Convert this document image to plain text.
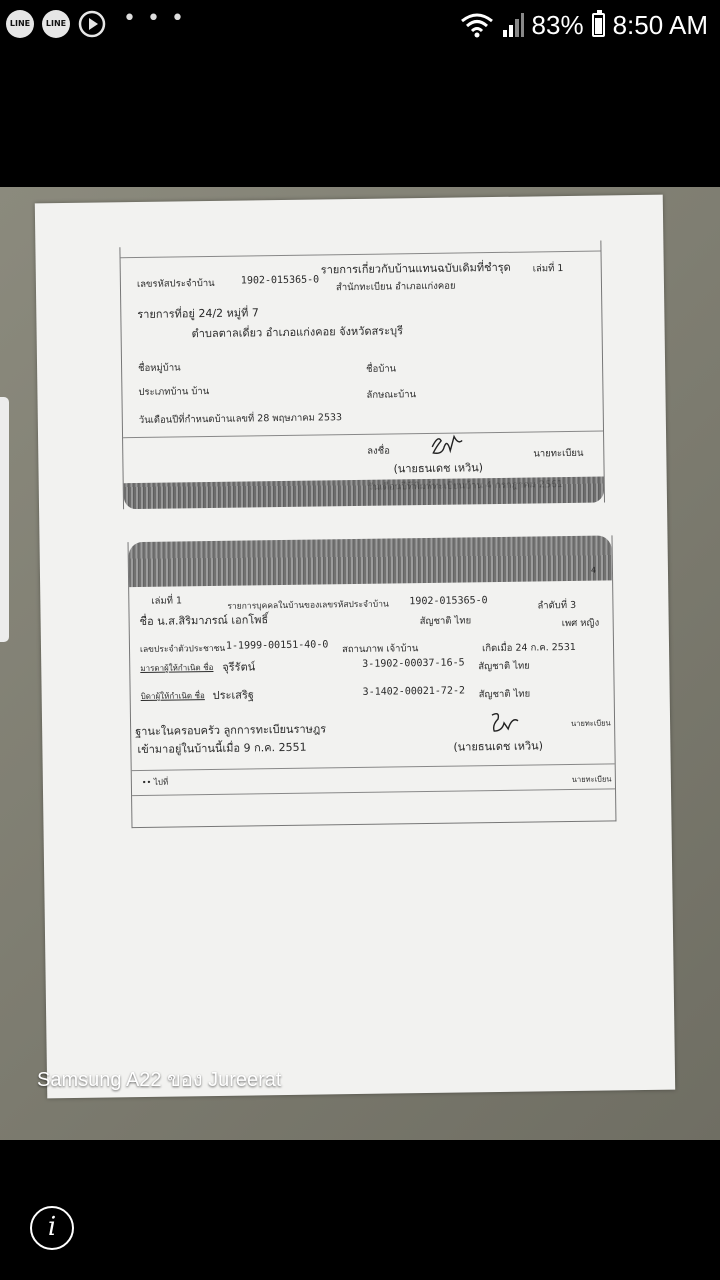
LINE	LINE	• • •	83% 8:50 AM
รายการเกี่ยวกับบ้านแทนฉบับเดิมที่ชำรุด เล่มที่ 1
เลขรหัสประจำบ้าน	1902-015365-0
สำนักทะเบียน อำเภอแก่งคอย
รายการที่อยู่ 24/2 หมู่ที่ 7
ตำบลตาลเดี่ยว อำเภอแก่งคอย จังหวัดสระบุรี
ชื่อหมู่บ้าน	ชื่อบ้าน
ประเภทบ้าน บ้าน	ลักษณะบ้าน
วันเดือนปีที่กำหนดบ้านเลขที่ 28 พฤษภาคม 2533
ลงชื่อ	นายทะเบียน
(นายธนเดช เหวิน)
4
เล่มที่ 1	รายการบุคคลในบ้านของเลขรหัสประจำบ้าน 1902-015365-0	ลำดับที่ 3
ชื่อ น.ส.สิริมาภรณ์ เอกโพธิ์	สัญชาติ ไทย	เพศ หญิง
เลขประจำตัวประชาชน 1-1999-00151-40-0 สถานภาพ เจ้าบ้าน	เกิดเมื่อ 24 ก.ค. 2531
มารดาผู้ให้กำเนิด ชื่อ จุรีรัตน์	3-1902-00037-16-5 สัญชาติ ไทย
บิดาผู้ให้กำเนิด ชื่อ ประเสริฐ	3-1402-00021-72-2 สัญชาติ ไทย
ฐานะในครอบครัว ลูกการทะเบียนราษฎร	นายทะเบียน
เข้ามาอยู่ในบ้านนี้เมื่อ 9 ก.ค. 2551	(นายธนเดช เหวิน)
•• ไปที่	นายทะเบียน
Samsung A22 ของ Jureerat
i
